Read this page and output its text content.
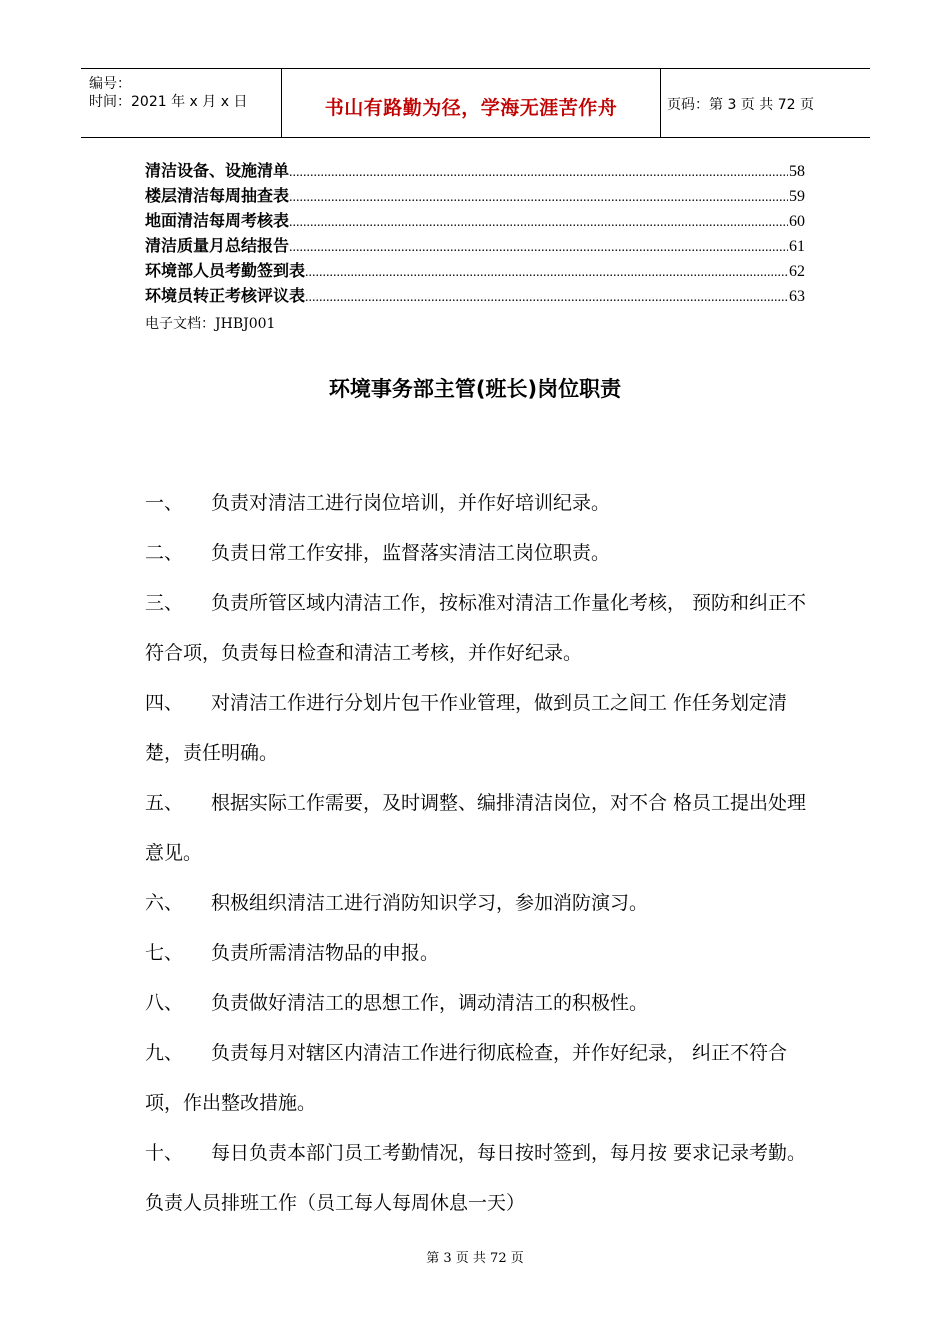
编号：
时间：2021 年 x 月 x 日	书山有路勤为径，学海无涯苦作舟	页码：第 3 页 共 72 页
清洁设备、设施清单 .....	58
楼层清洁每周抽查表 .....	59
地面清洁每周考核表 .....	60
清洁质量月总结报告 .....	61
环境部人员考勤签到表 .....	62
环境员转正考核评议表 .....	63
电子文档：JHBJ001
环境事务部主管(班长)岗位职责

一、 负责对清洁工进行岗位培训，并作好培训纪录。

二、 负责日常工作安排，监督落实清洁工岗位职责。

三、 负责所管区域内清洁工作，按标准对清洁工作量化考核， 预防和纠正不符合项，负责每日检查和清洁工考核，并作好纪录。

四、 对清洁工作进行分划片包干作业管理，做到员工之间工 作任务划定清楚，责任明确。

五、 根据实际工作需要，及时调整、编排清洁岗位，对不合 格员工提出处理意见。

六、 积极组织清洁工进行消防知识学习，参加消防演习。

七、 负责所需清洁物品的申报。

八、 负责做好清洁工的思想工作，调动清洁工的积极性。

九、 负责每月对辖区内清洁工作进行彻底检查，并作好纪录， 纠正不符合项，作出整改措施。

十、 每日负责本部门员工考勤情况，每日按时签到，每月按 要求记录考勤。负责人员排班工作（员工每人每周休息一天）

第 3 页 共 72 页
